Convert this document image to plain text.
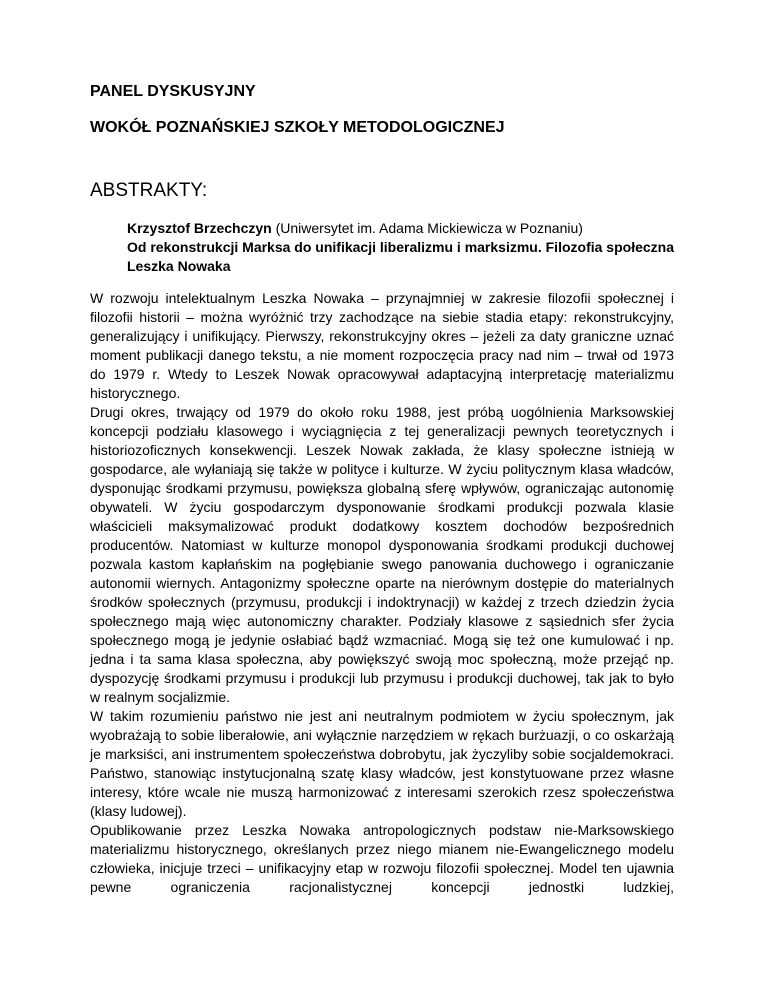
PANEL DYSKUSYJNY
WOKÓŁ POZNAŃSKIEJ SZKOŁY METODOLOGICZNEJ
ABSTRAKTY:

Krzysztof Brzechczyn (Uniwersytet im. Adama Mickiewicza w Poznaniu)

Od rekonstrukcji Marksa do unifikacji liberalizmu i marksizmu. Filozofia społeczna Leszka Nowaka

W rozwoju intelektualnym Leszka Nowaka – przynajmniej w zakresie filozofii społecznej i filozofii historii – można wyróżnić trzy zachodzące na siebie stadia etapy: rekonstrukcyjny, generalizujący i unifikujący. Pierwszy, rekonstrukcyjny okres – jeżeli za daty graniczne uznać moment publikacji danego tekstu, a nie moment rozpoczęcia pracy nad nim – trwał od 1973 do 1979 r. Wtedy to Leszek Nowak opracowywał adaptacyjną interpretację materializmu historycznego.

Drugi okres, trwający od 1979 do około roku 1988, jest próbą uogólnienia Marksowskiej koncepcji podziału klasowego i wyciągnięcia z tej generalizacji pewnych teoretycznych i historiozoficznych konsekwencji. Leszek Nowak zakłada, że klasy społeczne istnieją w gospodarce, ale wyłaniają się także w polityce i kulturze. W życiu politycznym klasa władców, dysponując środkami przymusu, powiększa globalną sferę wpływów, ograniczając autonomię obywateli. W życiu gospodarczym dysponowanie środkami produkcji pozwala klasie właścicieli maksymalizować produkt dodatkowy kosztem dochodów bezpośrednich producentów. Natomiast w kulturze monopol dysponowania środkami produkcji duchowej pozwala kastom kapłańskim na pogłębianie swego panowania duchowego i ograniczanie autonomii wiernych. Antagonizmy społeczne oparte na nierównym dostępie do materialnych środków społecznych (przymusu, produkcji i indoktrynacji) w każdej z trzech dziedzin życia społecznego mają więc autonomiczny charakter. Podziały klasowe z sąsiednich sfer życia społecznego mogą je jedynie osłabiać bądź wzmacniać. Mogą się też one kumulować i np. jedna i ta sama klasa społeczna, aby powiększyć swoją moc społeczną, może przejąć np. dyspozycję środkami przymusu i produkcji lub przymusu i produkcji duchowej, tak jak to było w realnym socjalizmie.

W takim rozumieniu państwo nie jest ani neutralnym podmiotem w życiu społecznym, jak wyobrażają to sobie liberałowie, ani wyłącznie narzędziem w rękach burżuazji, o co oskarżają je marksiści, ani instrumentem społeczeństwa dobrobytu, jak życzyliby sobie socjaldemokraci. Państwo, stanowiąc instytucjonalną szatę klasy władców, jest konstytuowane przez własne interesy, które wcale nie muszą harmonizować z interesami szerokich rzesz społeczeństwa (klasy ludowej).

Opublikowanie przez Leszka Nowaka antropologicznych podstaw nie-Marksowskiego materializmu historycznego, określanych przez niego mianem nie-Ewangelicznego modelu człowieka, inicjuje trzeci – unifikacyjny etap w rozwoju filozofii społecznej. Model ten ujawnia pewne ograniczenia racjonalistycznej koncepcji jednostki ludzkiej,
